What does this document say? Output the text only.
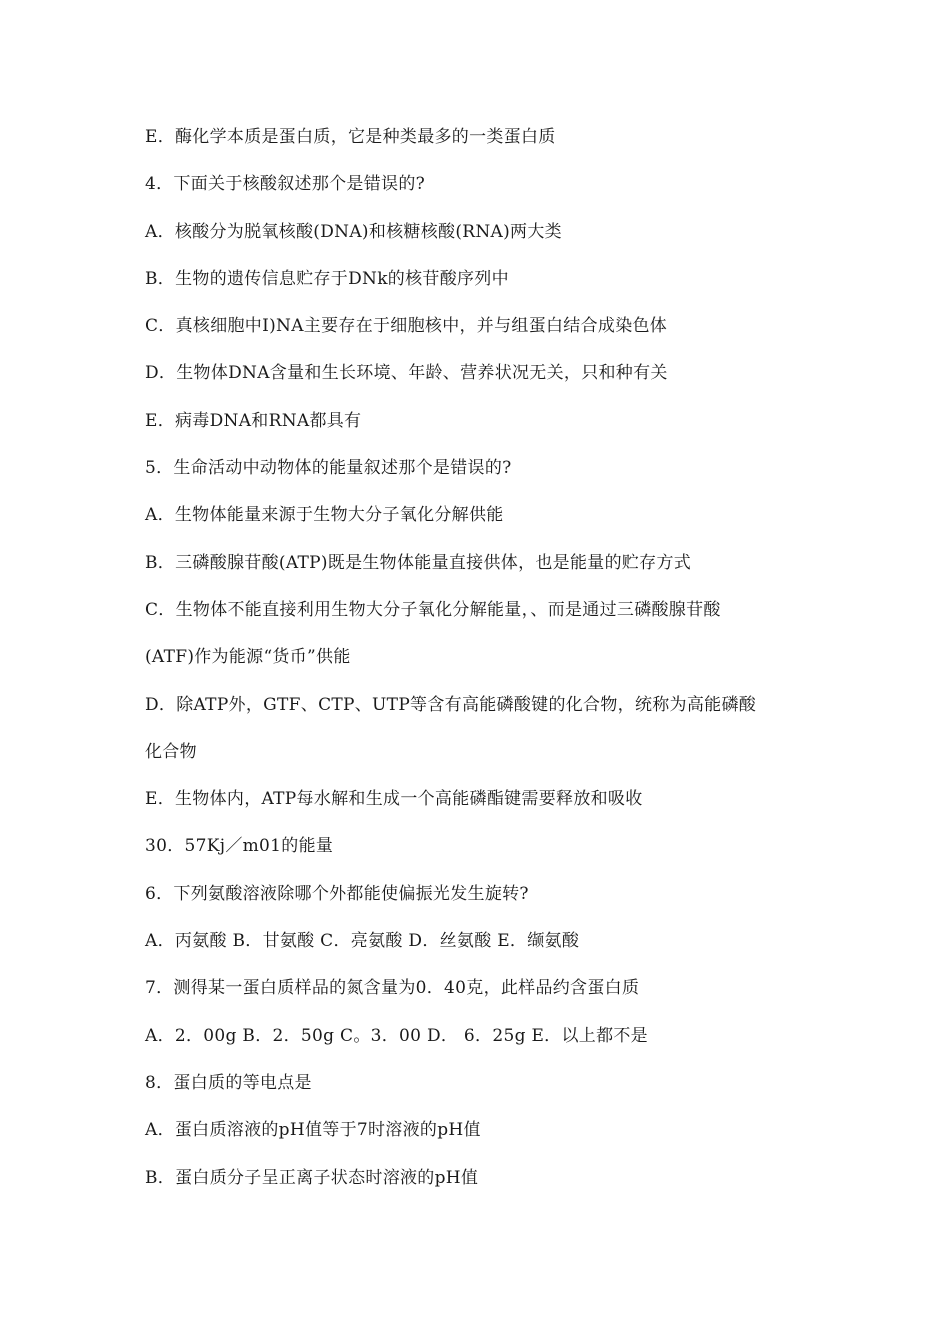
E．酶化学本质是蛋白质，它是种类最多的一类蛋白质
4．下面关于核酸叙述那个是错误的?
A．核酸分为脱氧核酸(DNA)和核糖核酸(RNA)两大类
B．生物的遗传信息贮存于DNk的核苷酸序列中
C．真核细胞中I)NA主要存在于细胞核中，并与组蛋白结合成染色体
D．生物体DNA含量和生长环境、年龄、营养状况无关，只和种有关
E．病毒DNA和RNA都具有
5．生命活动中动物体的能量叙述那个是错误的?
A．生物体能量来源于生物大分子氧化分解供能
B．三磷酸腺苷酸(ATP)既是生物体能量直接供体，也是能量的贮存方式
C．生物体不能直接利用生物大分子氧化分解能量，、而是通过三磷酸腺苷酸
(ATF)作为能源“货币”供能
D．除ATP外，GTF、CTP、UTP等含有高能磷酸键的化合物，统称为高能磷酸
化合物
E．生物体内，ATP每水解和生成一个高能磷酯键需要释放和吸收
30．57Kj／m01的能量
6．下列氨酸溶液除哪个外都能使偏振光发生旋转?
A．丙氨酸 B．甘氨酸 C．亮氨酸 D．丝氨酸 E．缬氨酸
7．测得某一蛋白质样品的氮含量为0．40克，此样品约含蛋白质
A．2．00g B．2．50g C。3．00 D． 6．25g E．以上都不是
8．蛋白质的等电点是
A．蛋白质溶液的pH值等于7时溶液的pH值
B．蛋白质分子呈正离子状态时溶液的pH值
